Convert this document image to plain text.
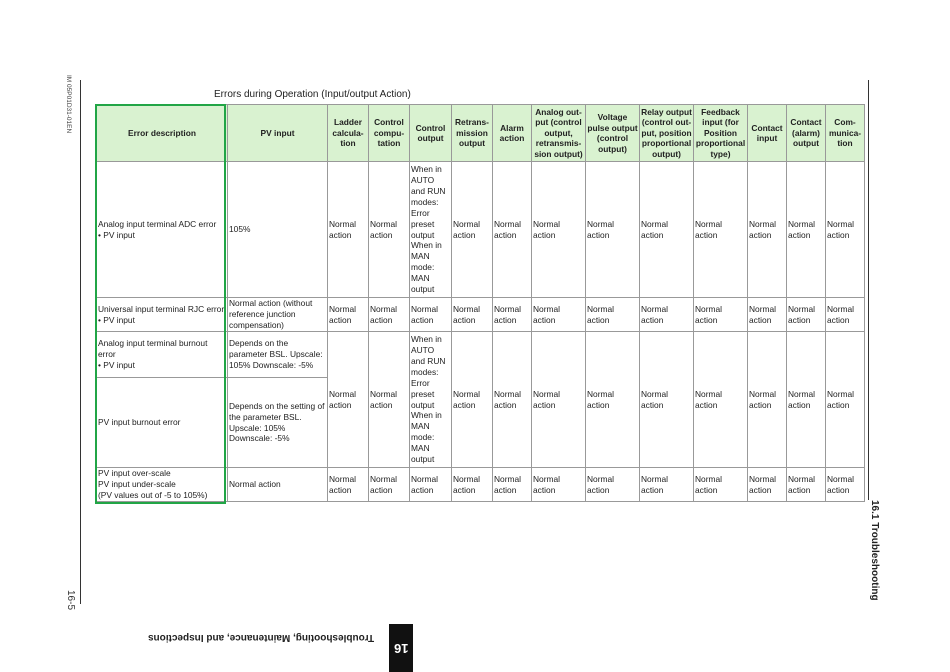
IM 05P01D31-01EN
16-5	16.1 Troubleshooting
Troubleshooting, Maintenance, and Inspections
16
Errors during Operation (Input/output Action)
Error description	PV input	Ladder calcula-tion	Control compu-tation	Control output	Retrans-mission output	Alarm action	Analog out-put (control output, retransmis-sion output)	Voltage pulse output (control output)	Relay output (control out-put, position proportional output)	Feedback input (for Position proportional type)	Contact input	Contact (alarm) output	Com-munica-tion

Analog input terminal ADC error
• PV input	105%	Normal action	Normal action	When in AUTO and RUN modes: Error preset output When in MAN mode: MAN output	Normal action	Normal action	Normal action	Normal action	Normal action	Normal action	Normal action	Normal action	Normal action

Universal input terminal RJC error
• PV input	Normal action (without reference junction compensation)	Normal action	Normal action	Normal action	Normal action	Normal action	Normal action	Normal action	Normal action	Normal action	Normal action	Normal action	Normal action

Analog input terminal burnout error
• PV input	Depends on the parameter BSL. Upscale: 105% Downscale: -5%	Normal action	Normal action	When in AUTO and RUN modes: Error preset output When in MAN mode: MAN output	Normal action	Normal action	Normal action	Normal action	Normal action	Normal action	Normal action	Normal action	Normal action

PV input burnout error	Depends on the setting of the parameter BSL. Upscale: 105% Downscale: -5%												

PV input over-scale
PV input under-scale
(PV values out of -5 to 105%)	Normal action	Normal action	Normal action	Normal action	Normal action	Normal action	Normal action	Normal action	Normal action	Normal action	Normal action	Normal action	Normal action
